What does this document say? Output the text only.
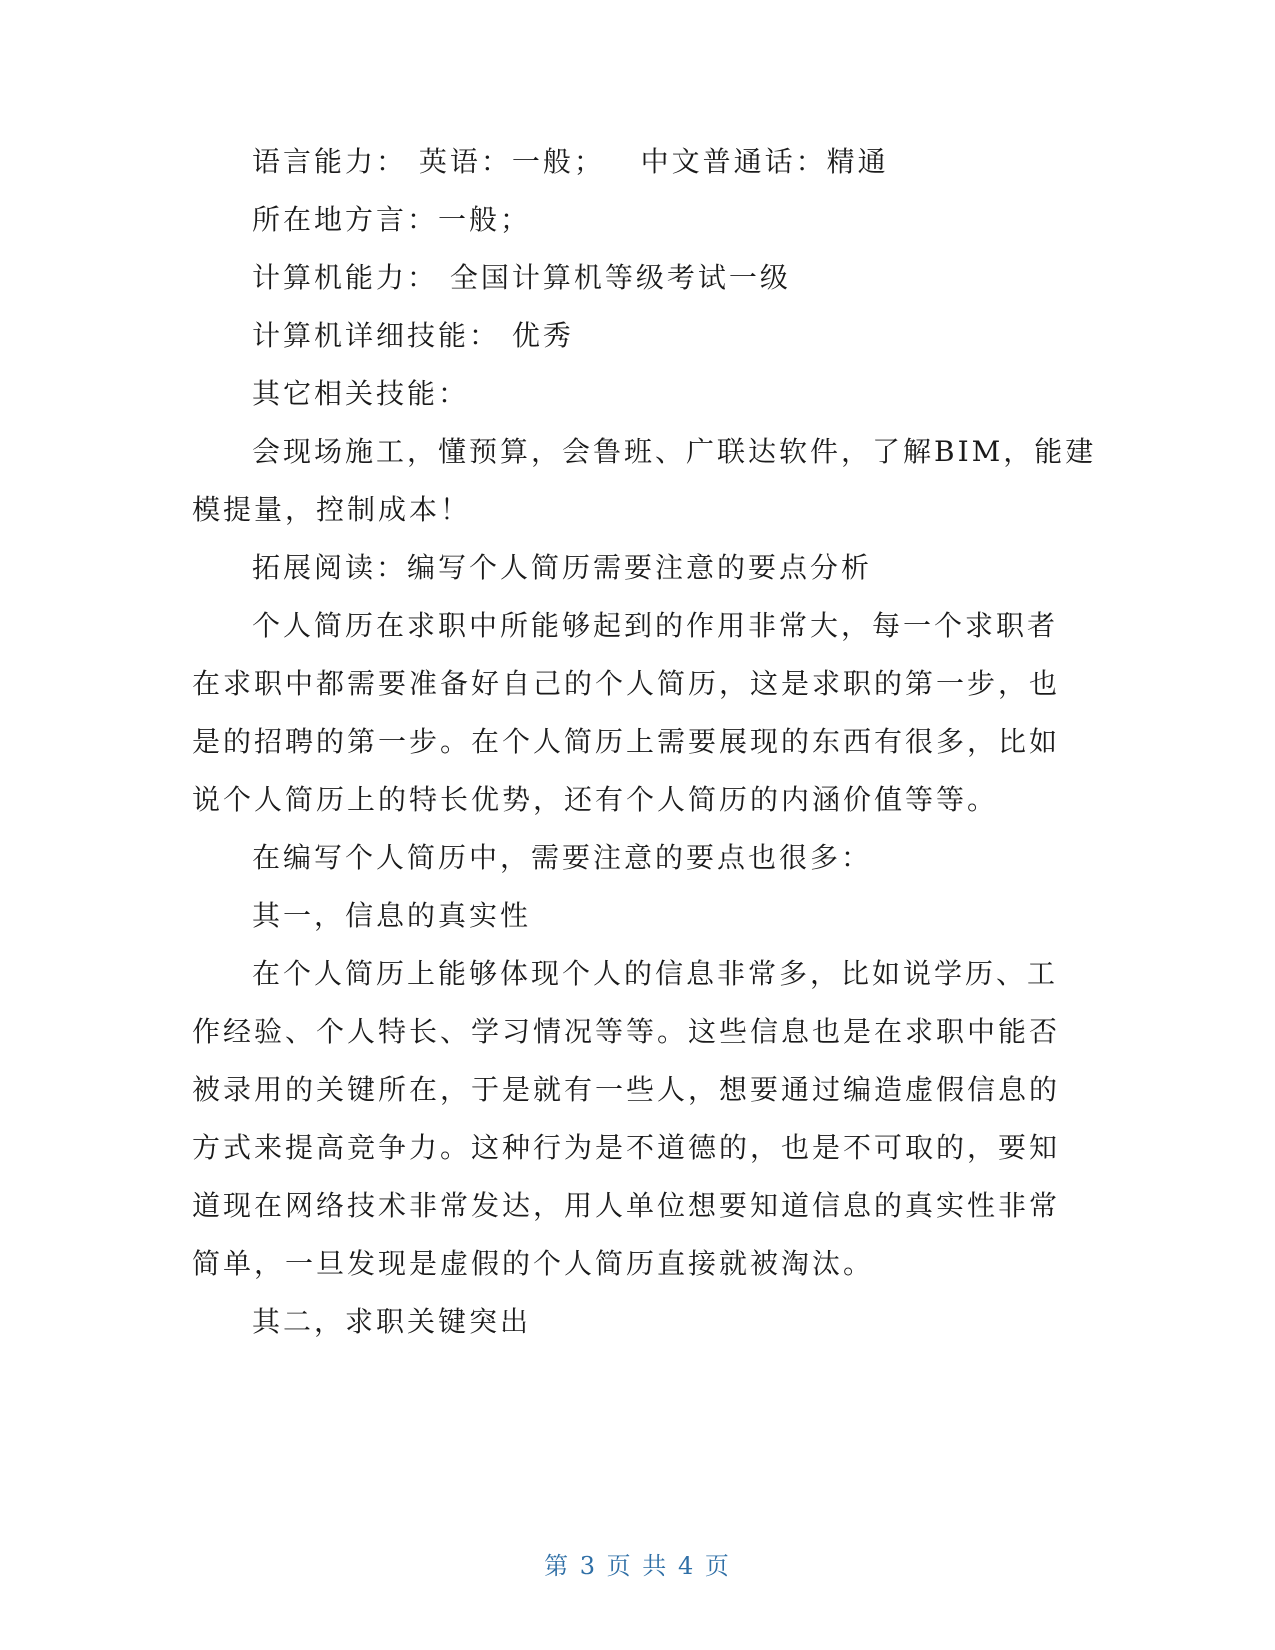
语言能力： 英语：一般；   中文普通话：精通
所在地方言：一般；
计算机能力： 全国计算机等级考试一级
计算机详细技能： 优秀
其它相关技能：
会现场施工，懂预算，会鲁班、广联达软件，了解BIM，能建
模提量，控制成本！
拓展阅读：编写个人简历需要注意的要点分析
个人简历在求职中所能够起到的作用非常大，每一个求职者
在求职中都需要准备好自己的个人简历，这是求职的第一步，也
是的招聘的第一步。在个人简历上需要展现的东西有很多，比如
说个人简历上的特长优势，还有个人简历的内涵价值等等。
在编写个人简历中，需要注意的要点也很多：
其一，信息的真实性
在个人简历上能够体现个人的信息非常多，比如说学历、工
作经验、个人特长、学习情况等等。这些信息也是在求职中能否
被录用的关键所在，于是就有一些人，想要通过编造虚假信息的
方式来提高竞争力。这种行为是不道德的，也是不可取的，要知
道现在网络技术非常发达，用人单位想要知道信息的真实性非常
简单，一旦发现是虚假的个人简历直接就被淘汰。
其二，求职关键突出
第 3 页 共 4 页
